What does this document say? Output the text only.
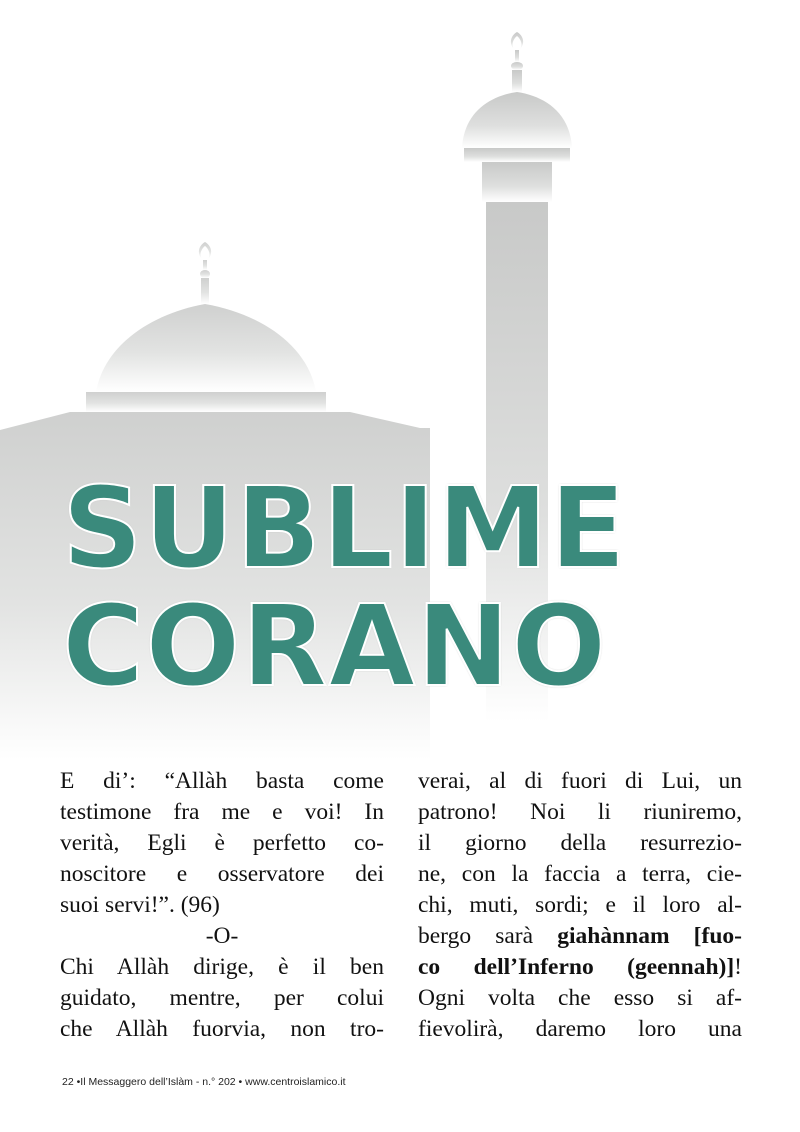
SUBLIME
CORANO
E di’: “Allàh basta come
testimone fra me e voi! In
verità, Egli è perfetto co-
noscitore e osservatore dei
suoi servi!”. (96)
-O-
Chi Allàh dirige, è il ben
guidato, mentre, per colui
che Allàh fuorvia, non tro-
verai, al di fuori di Lui, un
patrono! Noi li riuniremo,
il giorno della resurrezio-
ne, con la faccia a terra, cie-
chi, muti, sordi; e il loro al-
bergo sarà giahànnam [fuo-
co dell’Inferno (geennah)]!
Ogni volta che esso si af-
fievolirà, daremo loro una
22 •Il Messaggero dell’Islàm - n.° 202 • www.centroislamico.it
